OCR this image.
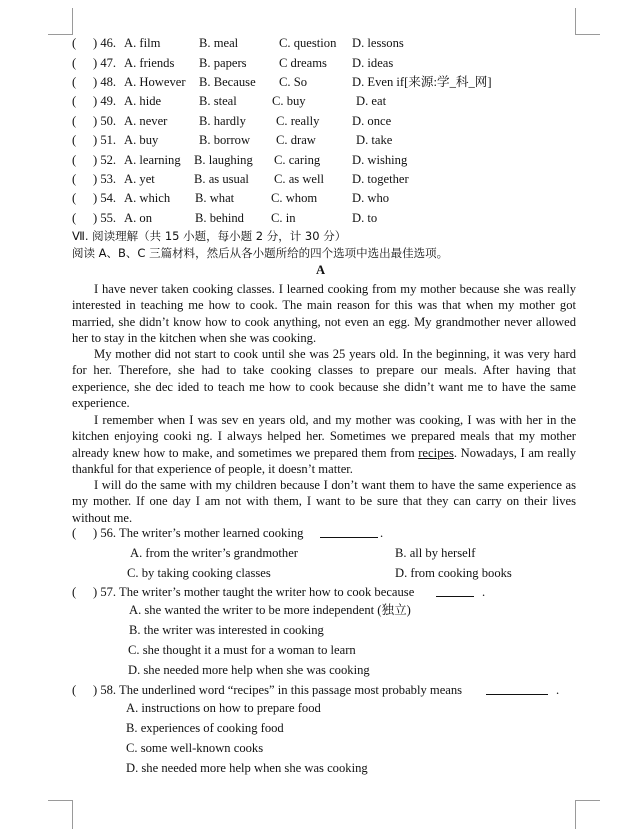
( ) 46. A. film	B. meal	C. question D. lessons
( ) 47. A. friends B. papers	C dreams D. ideas
( ) 48. A. However B. Because C. So	D. Even if[来源:学_科_网]
( ) 49. A. hide	B. steal	C. buy	D. eat
( ) 50. A. never	B. hardly C. really	D. once
( ) 51. A. buy	B. borrow C. draw	D. take
( ) 52. A. learning B. laughing C. caring	D. wishing
( ) 53. A. yet	B. as usual C. as well D. together
( ) 54. A. which B. what	C. whom	D. who
( ) 55. A. on	B. behind C. in	D. to
Ⅶ. 阅读理解（共 15 小题，每小题 2 分，计 30 分）
阅读 A、B、C 三篇材料，然后从各小题所给的四个选项中选出最佳选项。
A
I have never taken cooking classes. I learned cooking from my mother because she was really interested in teaching me how to cook. The main reason for this was that when my mother got married, she didn’t know how to cook anything, not even an egg. My grandmother never allowed her to stay in the kitchen when she was cooking.
My mother did not start to cook until she was 25 years old. In the beginning, it was very hard for her. Therefore, she had to take cooking classes to prepare our meals. After having that experience, she dec ided to teach me how to cook because she didn’t want me to have the same experience.
I remember when I was sev en years old, and my mother was cooking, I was with her in the kitchen enjoying cooki ng. I always helped her. Sometimes we prepared meals that my mother already knew how to make, and sometimes we prepared them from recipes. Nowadays, I am really thankful for that experience of people, it doesn’t matter.
I will do the same with my children because I don’t want them to have the same experience as my mother. If one day I am not with them, I want to be sure that they can carry on their lives without me.
( ) 56. The writer’s mother learned cooking	.
A. from the writer’s grandmother	B. all by herself
C. by taking cooking classes	D. from cooking books
( ) 57. The writer’s mother taught the writer how to cook because	.
A. she wanted the writer to be more independent (独立)
B. the writer was interested in cooking
C. she thought it a must for a woman to learn
D. she needed more help when she was cooking
( ) 58. The underlined word “recipes” in this passage most probably means	.
A. instructions on how to prepare food
B. experiences of cooking food
C. some well-known cooks
D. she needed more help when she was cooking
